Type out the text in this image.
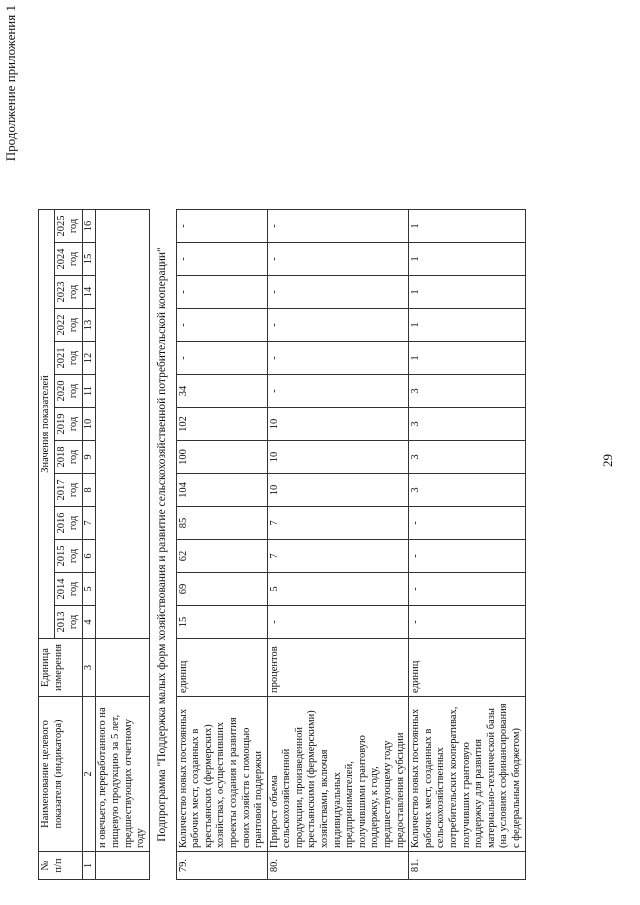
Продолжение приложения 1
29
№ п/п	Наименование целевого показателя (индикатора)	Единица измерения	Значения показателей												
			2013 год	2014 год	2015 год	2016 год	2017 год	2018 год	2019 год	2020 год	2021 год	2022 год	2023 год	2024 год	2025 год
1	2	3	4	5	6	7	8	9	10	11	12	13	14	15	16
	и овечьего, переработанного на пищевую продукцию за 5 лет, предшествующих отчетному году														
Подпрограмма "Поддержка малых форм хозяйствования и развитие сельскохозяйственной потребительской кооперации"															
79.	Количество новых постоянных рабочих мест, созданных в крестьянских (фермерских) хозяйствах, осуществивших проекты создания и развития своих хозяйств с помощью грантовой поддержки	единиц	15	69	62	85	104	100	102	34	-	-	-	-	-
80.	Прирост объема сельскохозяйственной продукции, произведенной крестьянскими (фермерскими) хозяйствами, включая индивидуальных предпринимателей, получившими грантовую поддержку, к году, предшествующему году предоставления субсидии	процентов	-	5	7	7	10	10	10	-	-	-	-	-	-
81.	Количество новых постоянных рабочих мест, созданных в сельскохозяйственных потребительских кооперативах, получивших грантовую поддержку для развития материально-технической базы (на условиях софинансирования с федеральным бюджетом)	единиц	-	-	-	-	3	3	3	3	1	1	1	1	1
